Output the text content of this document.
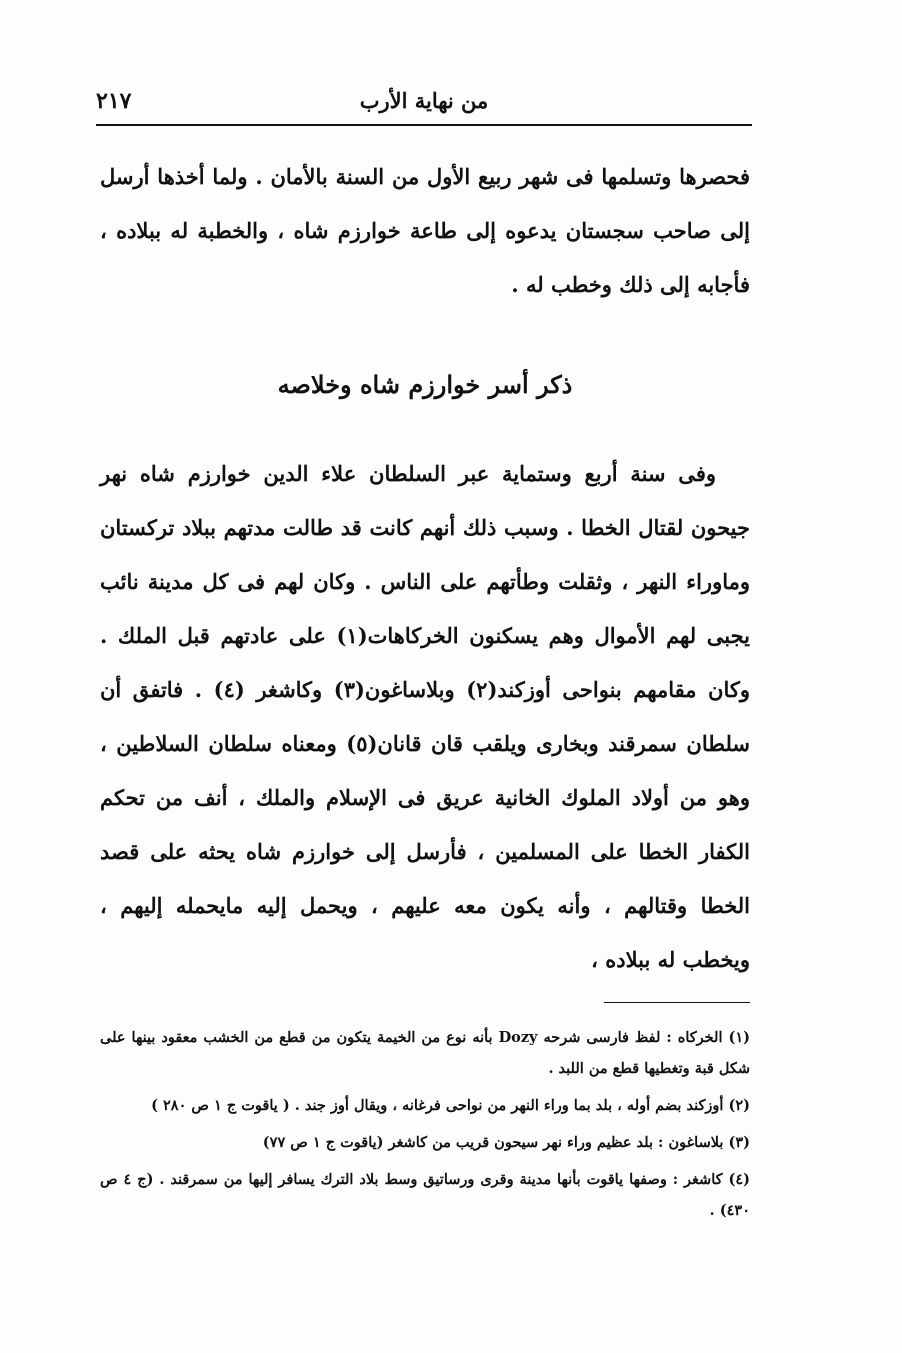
من نهاية الأرب
٢١٧

فحصرها وتسلمها فى شهر ربيع الأول من السنة بالأمان . ولما أخذها أرسل إلى صاحب سجستان يدعوه إلى طاعة خوارزم شاه ، والخطبة له ببلاده ، فأجابه إلى ذلك وخطب له .

ذكر أسر خوارزم شاه وخلاصه

وفى سنة أربع وستماية عبر السلطان علاء الدين خوارزم شاه نهر جيحون لقتال الخطا . وسبب ذلك أنهم كانت قد طالت مدتهم ببلاد تركستان وماوراء النهر ، وثقلت وطأتهم على الناس . وكان لهم فى كل مدينة نائب يجبى لهم الأموال وهم يسكنون الخركاهات(١) على عادتهم قبل الملك . وكان مقامهم بنواحى أوزكند(٢) وبلاساغون(٣) وكاشغر (٤) . فاتفق أن سلطان سمرقند وبخارى ويلقب قان قانان(٥) ومعناه سلطان السلاطين ، وهو من أولاد الملوك الخانية عريق فى الإسلام والملك ، أنف من تحكم الكفار الخطا على المسلمين ، فأرسل إلى خوارزم شاه يحثه على قصد الخطا وقتالهم ، وأنه يكون معه عليهم ، ويحمل إليه مايحمله إليهم ، ويخطب له ببلاده ،

(١) الخركاه : لفظ فارسى شرحه Dozy بأنه نوع من الخيمة يتكون من قطع من الخشب معقود بينها على شكل قبة وتغطيها قطع من اللبد .

(٢) أوزكند بضم أوله ، بلد بما وراء النهر من نواحى فرغانه ، ويقال أوز جند . ( ياقوت ج ١ ص ٢٨٠ )

(٣) بلاساغون : بلد عظيم وراء نهر سيحون قريب من كاشغر (ياقوت ج ١ ص ٧٧)

(٤) كاشغر : وصفها ياقوت بأنها مدينة وقرى ورساتيق وسط بلاد الترك يسافر إليها من سمرقند . (ج ٤ ص ٤٣٠) .
